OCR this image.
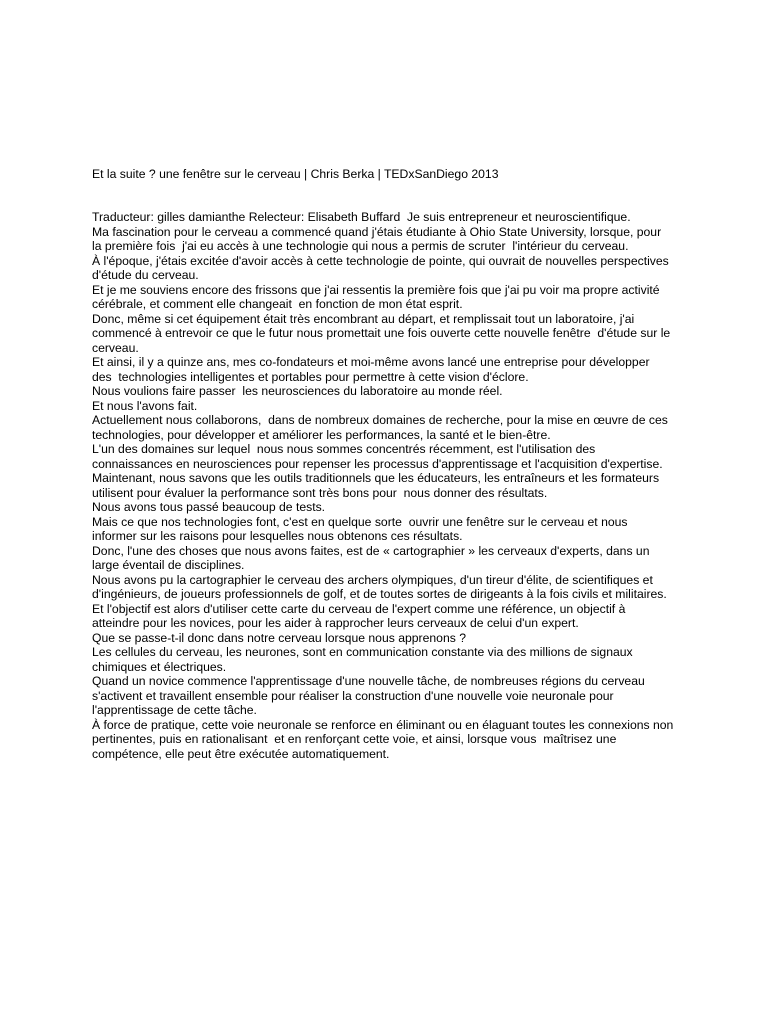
Et la suite ? une fenêtre sur le cerveau | Chris Berka | TEDxSanDiego 2013
Traducteur: gilles damianthe Relecteur: Elisabeth Buffard  Je suis entrepreneur et neuroscientifique.
Ma fascination pour le cerveau a commencé quand j'étais étudiante à Ohio State University, lorsque, pour
la première fois  j'ai eu accès à une technologie qui nous a permis de scruter  l'intérieur du cerveau.
À l'époque, j'étais excitée d'avoir accès à cette technologie de pointe, qui ouvrait de nouvelles perspectives
d'étude du cerveau.
Et je me souviens encore des frissons que j'ai ressentis la première fois que j'ai pu voir ma propre activité
cérébrale, et comment elle changeait  en fonction de mon état esprit.
Donc, même si cet équipement était très encombrant au départ, et remplissait tout un laboratoire, j'ai
commencé à entrevoir ce que le futur nous promettait une fois ouverte cette nouvelle fenêtre  d'étude sur le
cerveau.
Et ainsi, il y a quinze ans, mes co-fondateurs et moi-même avons lancé une entreprise pour développer
des  technologies intelligentes et portables pour permettre à cette vision d'éclore.
Nous voulions faire passer  les neurosciences du laboratoire au monde réel.
Et nous l'avons fait.
Actuellement nous collaborons,  dans de nombreux domaines de recherche, pour la mise en œuvre de ces
technologies, pour développer et améliorer les performances, la santé et le bien-être.
L'un des domaines sur lequel  nous nous sommes concentrés récemment, est l'utilisation des
connaissances en neurosciences pour repenser les processus d'apprentissage et l'acquisition d'expertise.
Maintenant, nous savons que les outils traditionnels que les éducateurs, les entraîneurs et les formateurs
utilisent pour évaluer la performance sont très bons pour  nous donner des résultats.
Nous avons tous passé beaucoup de tests.
Mais ce que nos technologies font, c'est en quelque sorte  ouvrir une fenêtre sur le cerveau et nous
informer sur les raisons pour lesquelles nous obtenons ces résultats.
Donc, l'une des choses que nous avons faites, est de « cartographier » les cerveaux d'experts, dans un
large éventail de disciplines.
Nous avons pu la cartographier le cerveau des archers olympiques, d'un tireur d'élite, de scientifiques et
d'ingénieurs, de joueurs professionnels de golf, et de toutes sortes de dirigeants à la fois civils et militaires.
Et l'objectif est alors d'utiliser cette carte du cerveau de l'expert comme une référence, un objectif à
atteindre pour les novices, pour les aider à rapprocher leurs cerveaux de celui d'un expert.
Que se passe-t-il donc dans notre cerveau lorsque nous apprenons ?
Les cellules du cerveau, les neurones, sont en communication constante via des millions de signaux
chimiques et électriques.
Quand un novice commence l'apprentissage d'une nouvelle tâche, de nombreuses régions du cerveau
s'activent et travaillent ensemble pour réaliser la construction d'une nouvelle voie neuronale pour
l'apprentissage de cette tâche.
À force de pratique, cette voie neuronale se renforce en éliminant ou en élaguant toutes les connexions non
pertinentes, puis en rationalisant  et en renforçant cette voie, et ainsi, lorsque vous  maîtrisez une
compétence, elle peut être exécutée automatiquement.
